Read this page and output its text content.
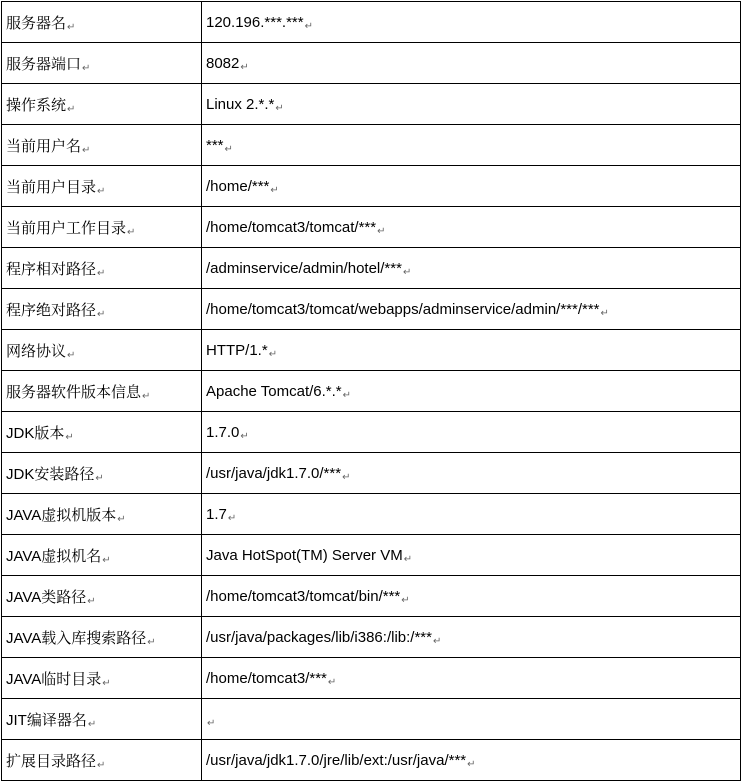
服务器名↵	120.196.***.***↵
服务器端口↵	8082↵
操作系统↵	Linux 2.*.*↵
当前用户名↵	***↵
当前用户目录↵	/home/***↵
当前用户工作目录↵	/home/tomcat3/tomcat/***↵
程序相对路径↵	/adminservice/admin/hotel/***↵
程序绝对路径↵	/home/tomcat3/tomcat/webapps/adminservice/admin/***/***↵
网络协议↵	HTTP/1.*↵
服务器软件版本信息↵	Apache Tomcat/6.*.*↵
JDK版本↵	1.7.0↵
JDK安装路径↵	/usr/java/jdk1.7.0/***↵
JAVA虚拟机版本↵	1.7↵
JAVA虚拟机名↵	Java HotSpot(TM) Server VM↵
JAVA类路径↵	/home/tomcat3/tomcat/bin/***↵
JAVA载入库搜索路径↵	/usr/java/packages/lib/i386:/lib:/***↵
JAVA临时目录↵	/home/tomcat3/***↵
JIT编译器名↵	↵
扩展目录路径↵	/usr/java/jdk1.7.0/jre/lib/ext:/usr/java/***↵
